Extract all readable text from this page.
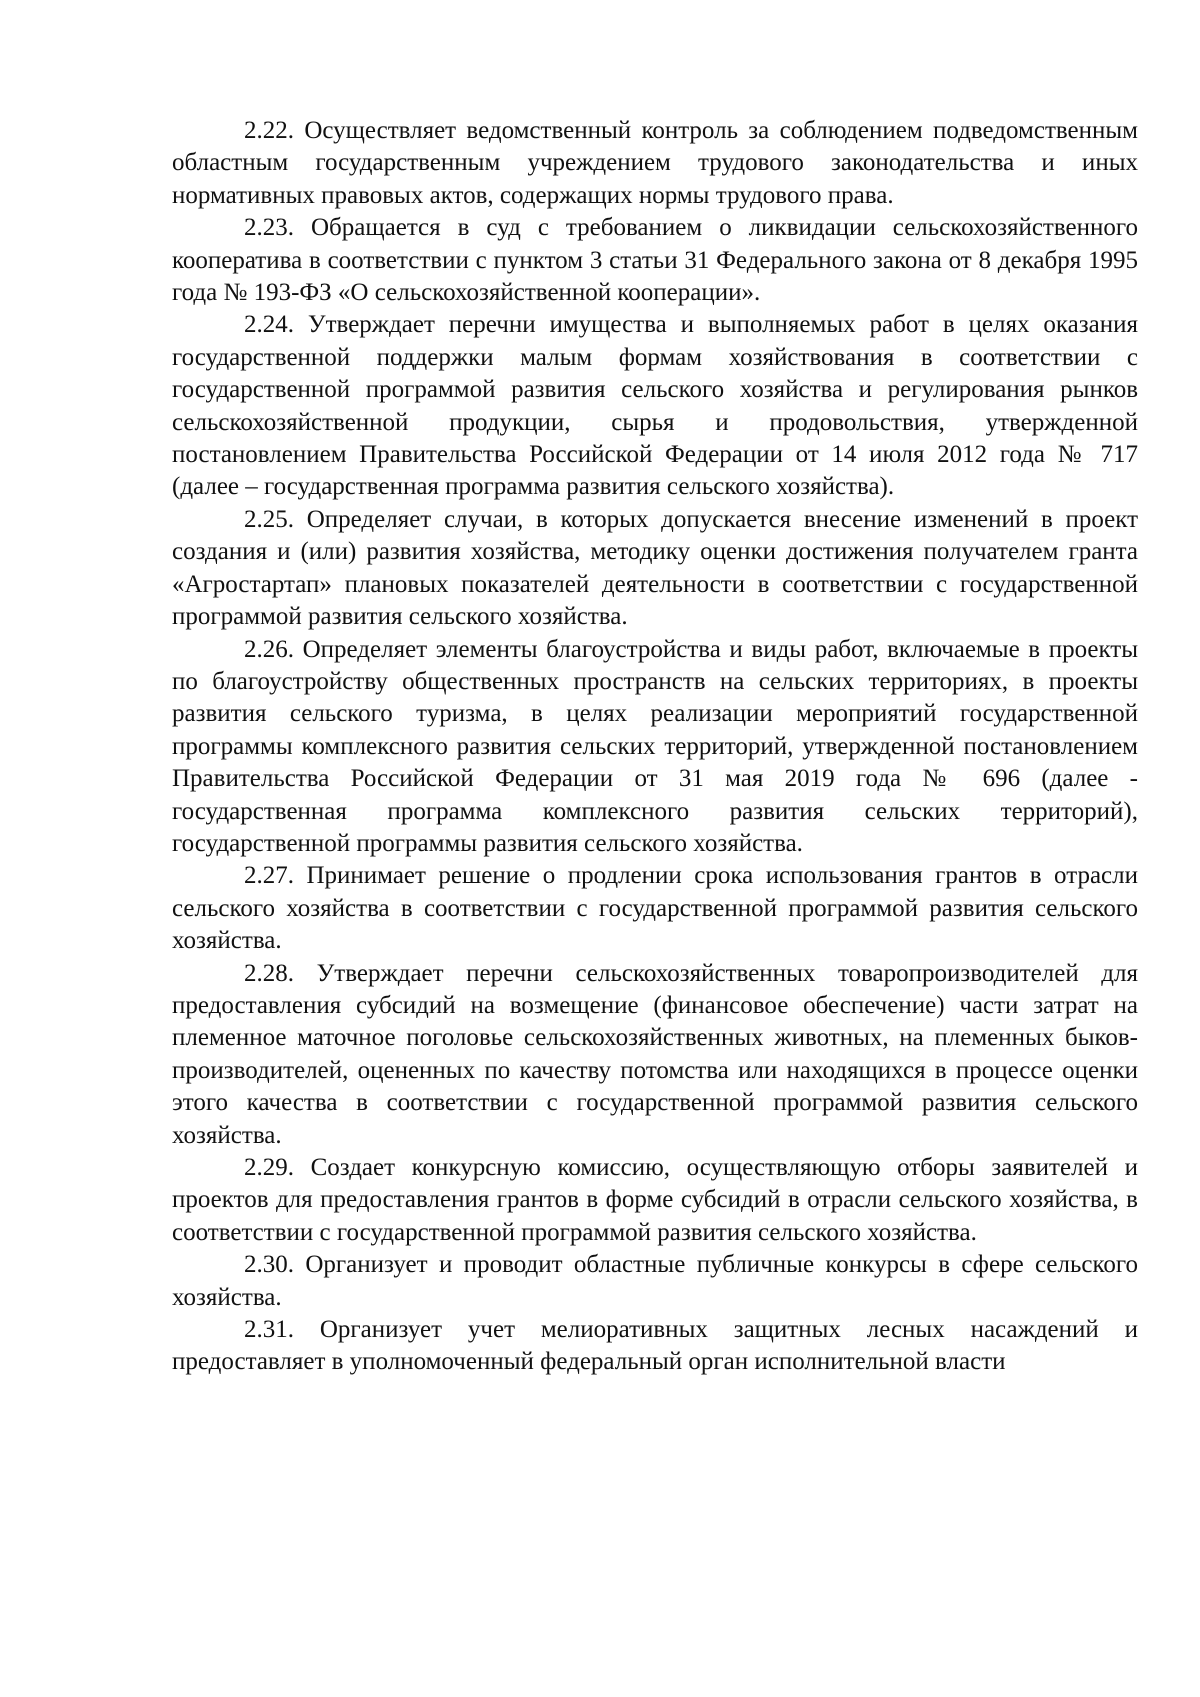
2.22. Осуществляет ведомственный контроль за соблюдением подведомственным областным государственным учреждением трудового законодательства и иных нормативных правовых актов, содержащих нормы трудового права.

2.23. Обращается в суд с требованием о ликвидации сельскохозяйственного кооператива в соответствии с пунктом 3 статьи 31 Федерального закона от 8 декабря 1995 года № 193-ФЗ «О сельскохозяйственной кооперации».

2.24. Утверждает перечни имущества и выполняемых работ в целях оказания государственной поддержки малым формам хозяйствования в соответствии с государственной программой развития сельского хозяйства и регулирования рынков сельскохозяйственной продукции, сырья и продовольствия, утвержденной постановлением Правительства Российской Федерации от 14 июля 2012 года № 717 (далее – государственная программа развития сельского хозяйства).

2.25. Определяет случаи, в которых допускается внесение изменений в проект создания и (или) развития хозяйства, методику оценки достижения получателем гранта «Агростартап» плановых показателей деятельности в соответствии с государственной программой развития сельского хозяйства.

2.26. Определяет элементы благоустройства и виды работ, включаемые в проекты по благоустройству общественных пространств на сельских территориях, в проекты развития сельского туризма, в целях реализации мероприятий государственной программы комплексного развития сельских территорий, утвержденной постановлением Правительства Российской Федерации от 31 мая 2019 года № 696 (далее - государственная программа комплексного развития сельских территорий), государственной программы развития сельского хозяйства.

2.27. Принимает решение о продлении срока использования грантов в отрасли сельского хозяйства в соответствии с государственной программой развития сельского хозяйства.

2.28. Утверждает перечни сельскохозяйственных товаропроизводителей для предоставления субсидий на возмещение (финансовое обеспечение) части затрат на племенное маточное поголовье сельскохозяйственных животных, на племенных быков-производителей, оцененных по качеству потомства или находящихся в процессе оценки этого качества в соответствии с государственной программой развития сельского хозяйства.

2.29. Создает конкурсную комиссию, осуществляющую отборы заявителей и проектов для предоставления грантов в форме субсидий в отрасли сельского хозяйства, в соответствии с государственной программой развития сельского хозяйства.

2.30. Организует и проводит областные публичные конкурсы в сфере сельского хозяйства.

2.31. Организует учет мелиоративных защитных лесных насаждений и предоставляет в уполномоченный федеральный орган исполнительной власти
